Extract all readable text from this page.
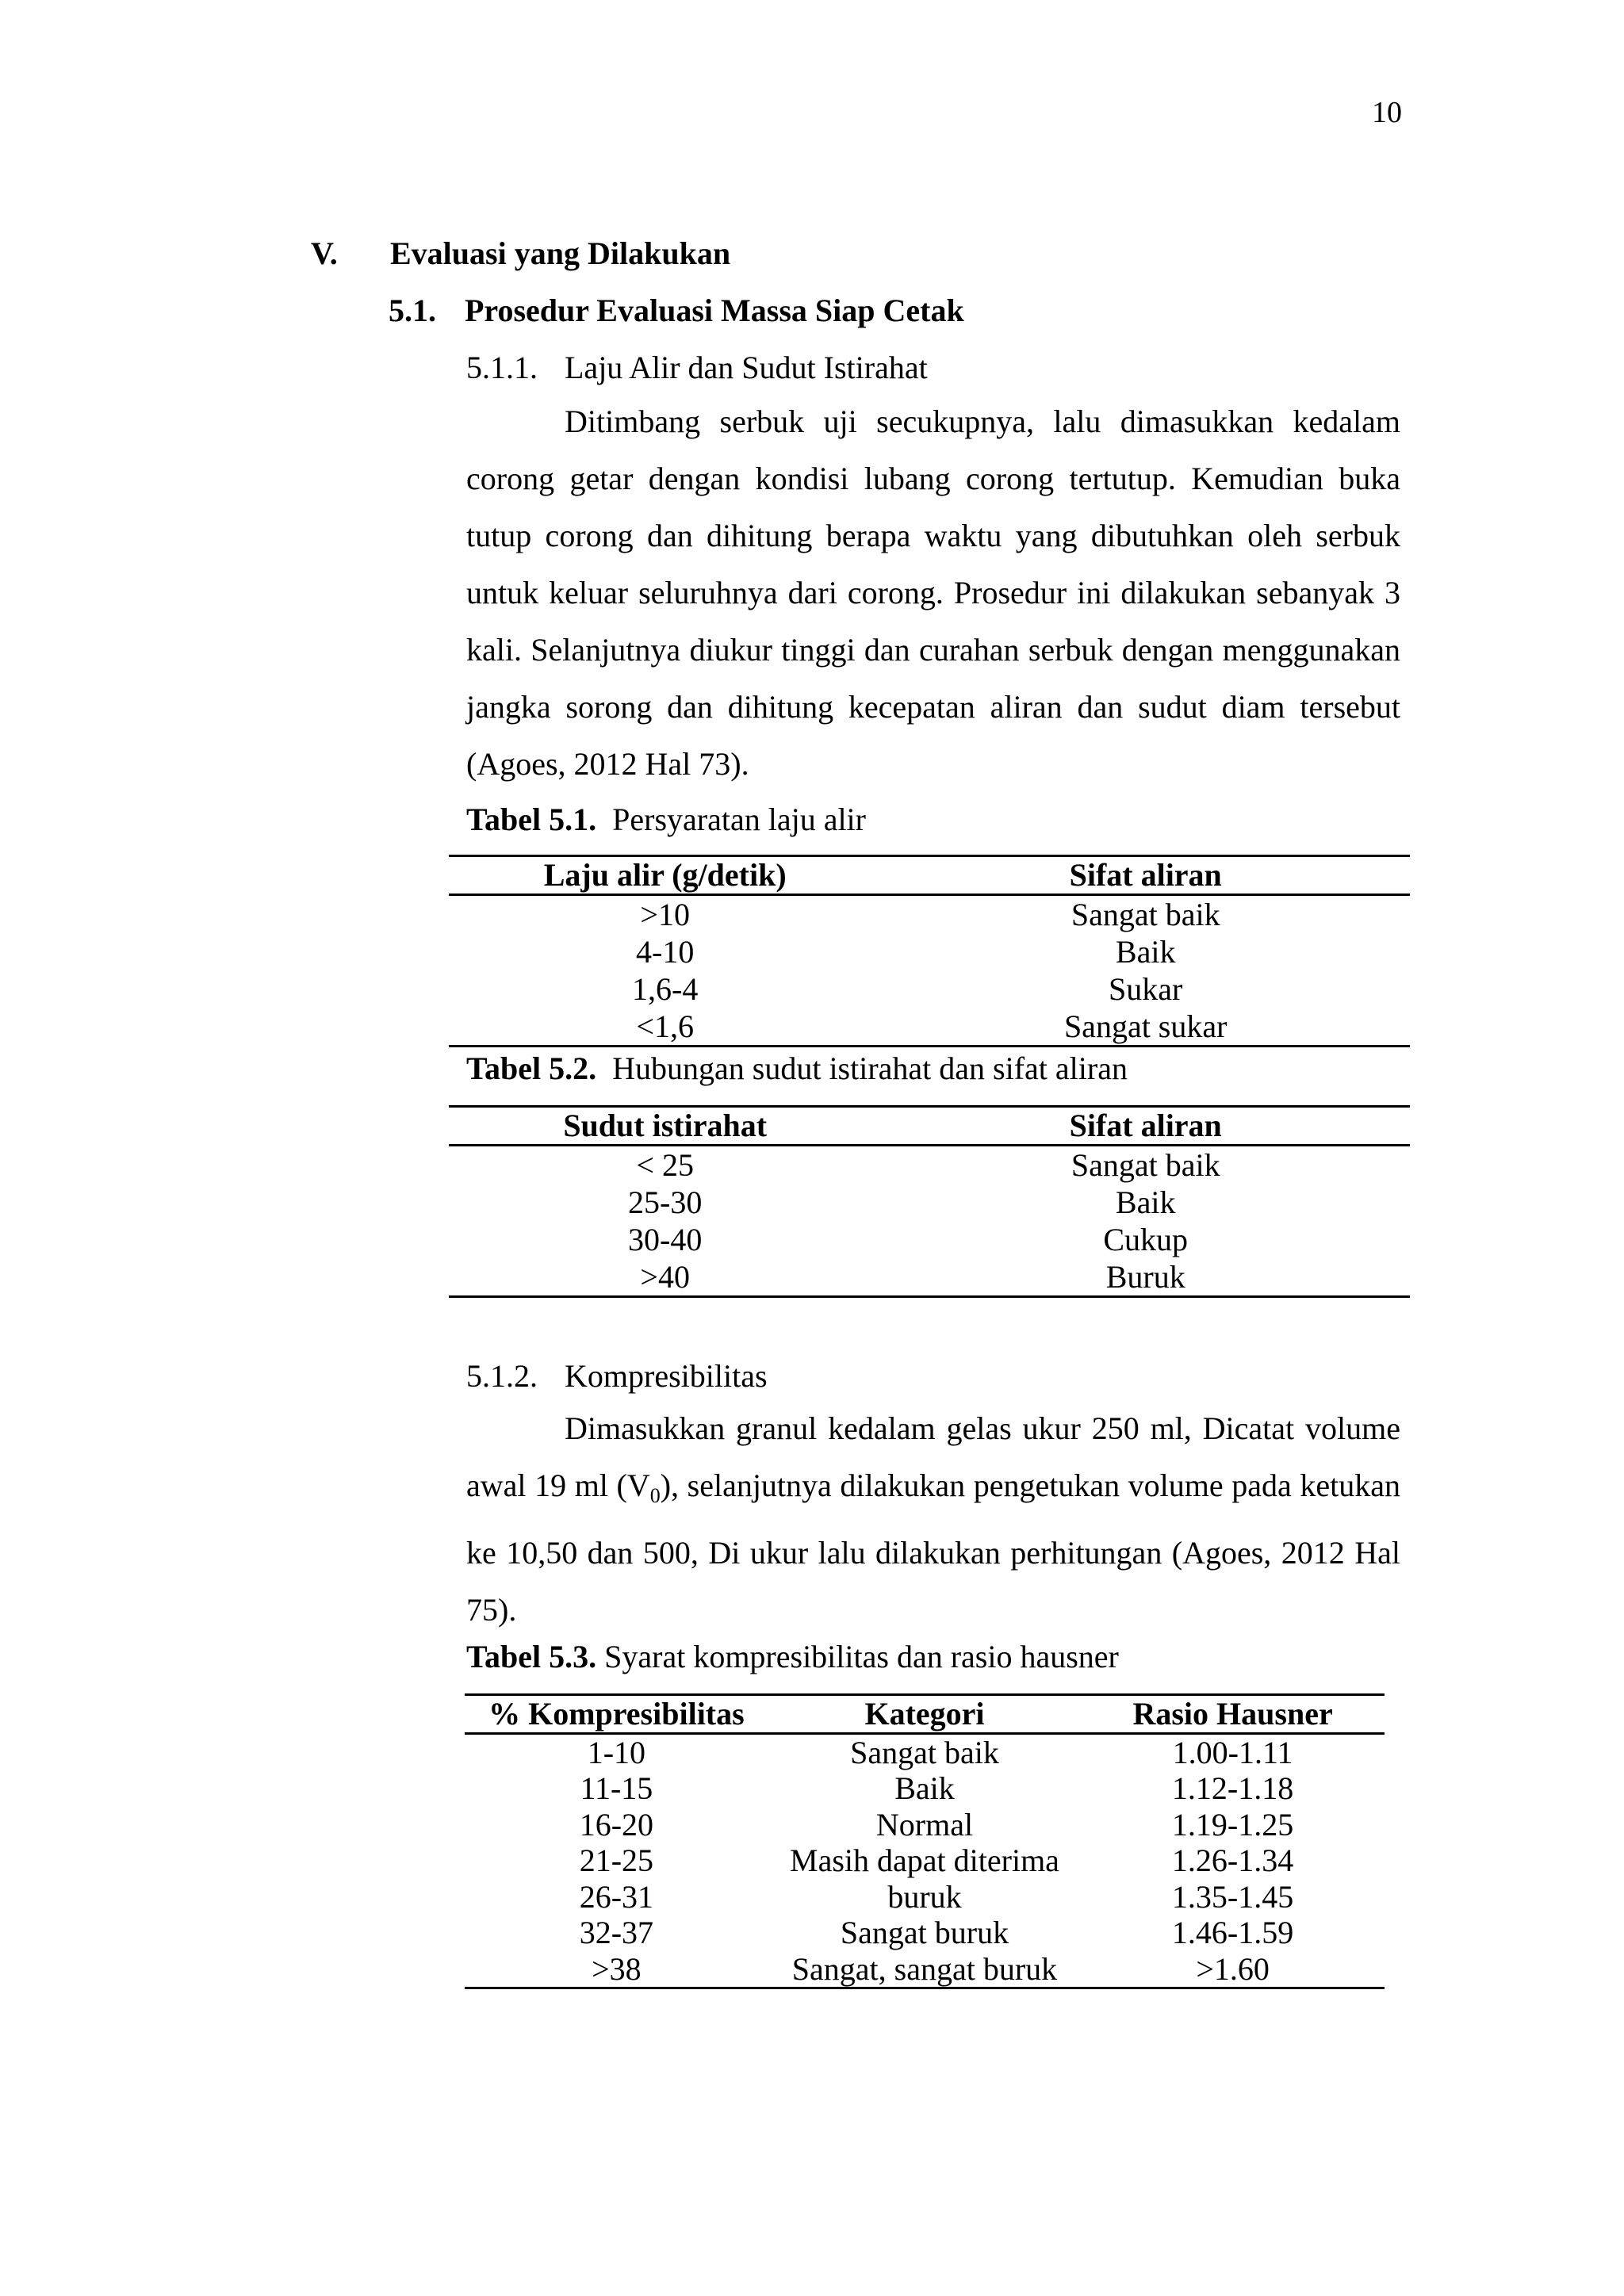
10
V. Evaluasi yang Dilakukan
5.1. Prosedur Evaluasi Massa Siap Cetak
5.1.1. Laju Alir dan Sudut Istirahat

Ditimbang serbuk uji secukupnya, lalu dimasukkan kedalam corong getar dengan kondisi lubang corong tertutup. Kemudian buka tutup corong dan dihitung berapa waktu yang dibutuhkan oleh serbuk untuk keluar seluruhnya dari corong. Prosedur ini dilakukan sebanyak 3 kali. Selanjutnya diukur tinggi dan curahan serbuk dengan menggunakan jangka sorong dan dihitung kecepatan aliran dan sudut diam tersebut (Agoes, 2012 Hal 73).

Tabel 5.1. Persyaratan laju alir
Laju alir (g/detik)	Sifat aliran
>10	Sangat baik
4-10	Baik
1,6-4	Sukar
<1,6	Sangat sukar
Tabel 5.2. Hubungan sudut istirahat dan sifat aliran
Sudut istirahat	Sifat aliran
< 25	Sangat baik
25-30	Baik
30-40	Cukup
>40	Buruk
5.1.2. Kompresibilitas

Dimasukkan granul kedalam gelas ukur 250 ml, Dicatat volume awal 19 ml $(V_0)$, selanjutnya dilakukan pengetukan volume pada ketukan ke 10,50 dan 500, Di ukur lalu dilakukan perhitungan (Agoes, 2012 Hal 75).

Tabel 5.3. Syarat kompresibilitas dan rasio hausner
% Kompresibilitas	Kategori	Rasio Hausner
1-10	Sangat baik	1.00-1.11
11-15	Baik	1.12-1.18
16-20	Normal	1.19-1.25
21-25	Masih dapat diterima	1.26-1.34
26-31	buruk	1.35-1.45
32-37	Sangat buruk	1.46-1.59
>38	Sangat, sangat buruk	>1.60
